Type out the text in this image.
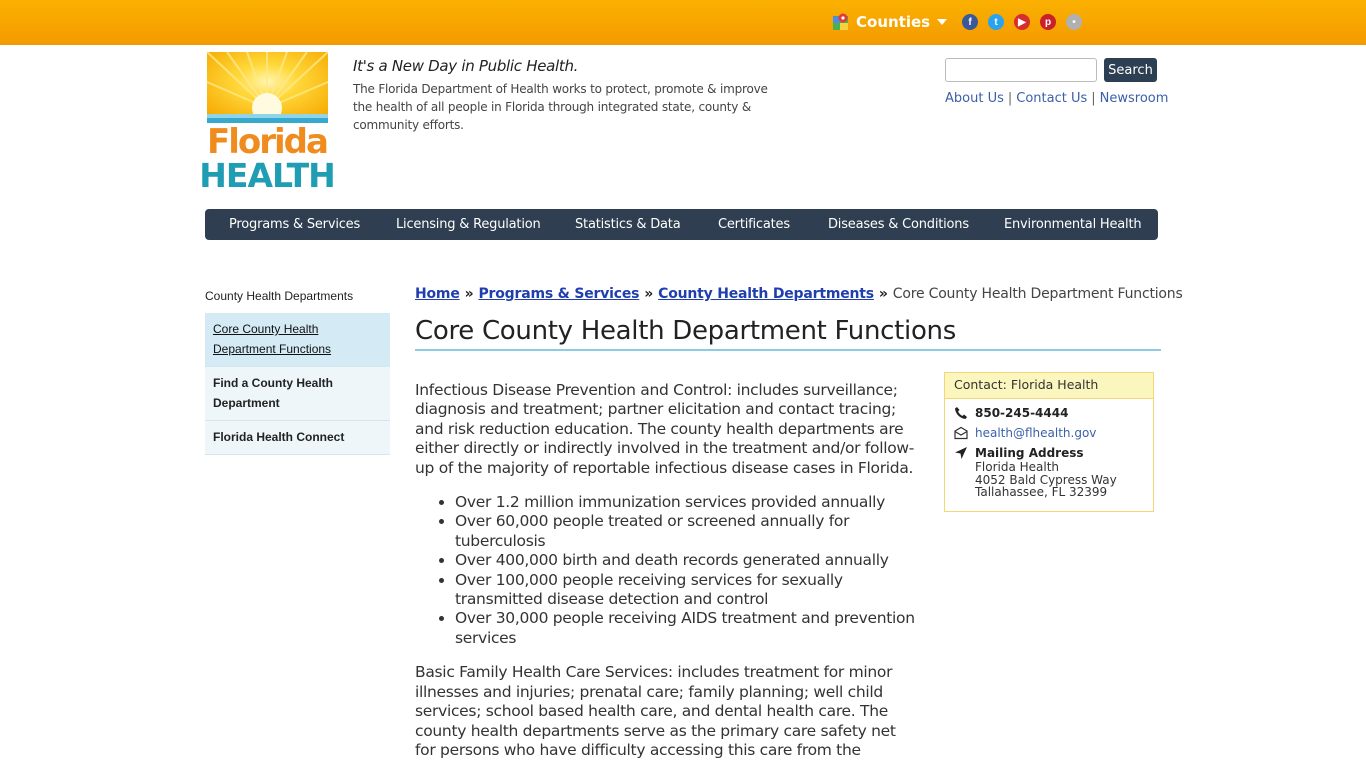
Counties	f	t	▶	p	•
Florida
HEALTH
It's a New Day in Public Health.
The Florida Department of Health works to protect, promote & improve the health of all people in Florida through integrated state, county & community efforts.
Search
About Us | Contact Us | Newsroom
Programs & Services	Licensing & Regulation	Statistics & Data	Certificates	Diseases & Conditions	Environmental Health
County Health Departments
Core County Health Department Functions
Find a County Health Department
Florida Health Connect
Home » Programs & Services » County Health Departments » Core County Health Department Functions
Core County Health Department Functions

Infectious Disease Prevention and Control: includes surveillance; diagnosis and treatment; partner elicitation and contact tracing; and risk reduction education. The county health departments are either directly or indirectly involved in the treatment and/or follow-up of the majority of reportable infectious disease cases in Florida.

• Over 1.2 million immunization services provided annually
• Over 60,000 people treated or screened annually for tuberculosis
• Over 400,000 birth and death records generated annually
• Over 100,000 people receiving services for sexually transmitted disease detection and control
• Over 30,000 people receiving AIDS treatment and prevention services

Basic Family Health Care Services: includes treatment for minor illnesses and injuries; prenatal care; family planning; well child services; school based health care, and dental health care. The county health departments serve as the primary care safety net for persons who have difficulty accessing this care from the

Contact: Florida Health
850-245-4444
health@flhealth.gov
Mailing Address
Florida Health
4052 Bald Cypress Way
Tallahassee, FL 32399
